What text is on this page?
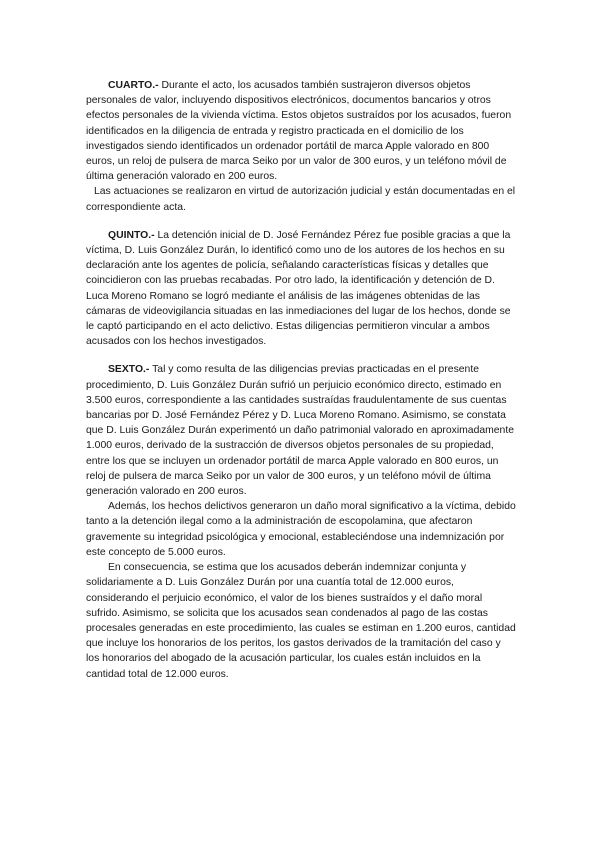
CUARTO.- Durante el acto, los acusados también sustrajeron diversos objetos personales de valor, incluyendo dispositivos electrónicos, documentos bancarios y otros efectos personales de la vivienda víctima. Estos objetos sustraídos por los acusados, fueron identificados en la diligencia de entrada y registro practicada en el domicilio de los investigados siendo identificados un ordenador portátil de marca Apple valorado en 800 euros, un reloj de pulsera de marca Seiko por un valor de 300 euros, y un teléfono móvil de última generación valorado en 200 euros.

Las actuaciones se realizaron en virtud de autorización judicial y están documentadas en el correspondiente acta.

QUINTO.- La detención inicial de D. José Fernández Pérez fue posible gracias a que la víctima, D. Luis González Durán, lo identificó como uno de los autores de los hechos en su declaración ante los agentes de policía, señalando características físicas y detalles que coincidieron con las pruebas recabadas. Por otro lado, la identificación y detención de D. Luca Moreno Romano se logró mediante el análisis de las imágenes obtenidas de las cámaras de videovigilancia situadas en las inmediaciones del lugar de los hechos, donde se le captó participando en el acto delictivo. Estas diligencias permitieron vincular a ambos acusados con los hechos investigados.

SEXTO.- Tal y como resulta de las diligencias previas practicadas en el presente procedimiento, D. Luis González Durán sufrió un perjuicio económico directo, estimado en 3.500 euros, correspondiente a las cantidades sustraídas fraudulentamente de sus cuentas bancarias por D. José Fernández Pérez y D. Luca Moreno Romano. Asimismo, se constata que D. Luis González Durán experimentó un daño patrimonial valorado en aproximadamente 1.000 euros, derivado de la sustracción de diversos objetos personales de su propiedad, entre los que se incluyen un ordenador portátil de marca Apple valorado en 800 euros, un reloj de pulsera de marca Seiko por un valor de 300 euros, y un teléfono móvil de última generación valorado en 200 euros.

Además, los hechos delictivos generaron un daño moral significativo a la víctima, debido tanto a la detención ilegal como a la administración de escopolamina, que afectaron gravemente su integridad psicológica y emocional, estableciéndose una indemnización por este concepto de 5.000 euros.

En consecuencia, se estima que los acusados deberán indemnizar conjunta y solidariamente a D. Luis González Durán por una cuantía total de 12.000 euros, considerando el perjuicio económico, el valor de los bienes sustraídos y el daño moral sufrido. Asimismo, se solicita que los acusados sean condenados al pago de las costas procesales generadas en este procedimiento, las cuales se estiman en 1.200 euros, cantidad que incluye los honorarios de los peritos, los gastos derivados de la tramitación del caso y los honorarios del abogado de la acusación particular, los cuales están incluidos en la cantidad total de 12.000 euros.
